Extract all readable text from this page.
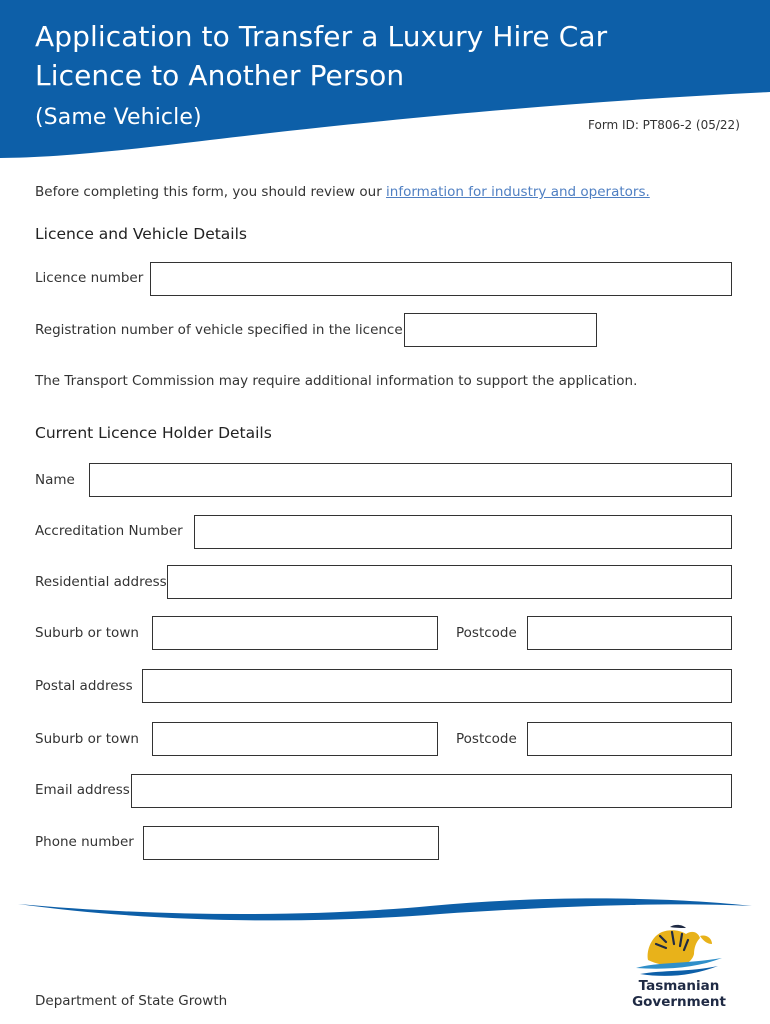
Application to Transfer a Luxury Hire Car
Licence to Another Person
(Same Vehicle)	Form ID: PT806-2 (05/22)
Before completing this form, you should review our information for industry and operators.
Licence and Vehicle Details
Licence number
Registration number of vehicle specified in the licence
The Transport Commission may require additional information to support the application.
Current Licence Holder Details
Name
Accreditation Number
Residential address
Suburb or town	Postcode
Postal address
Suburb or town	Postcode
Email address
Phone number
Department of State Growth
Tasmanian
Government
